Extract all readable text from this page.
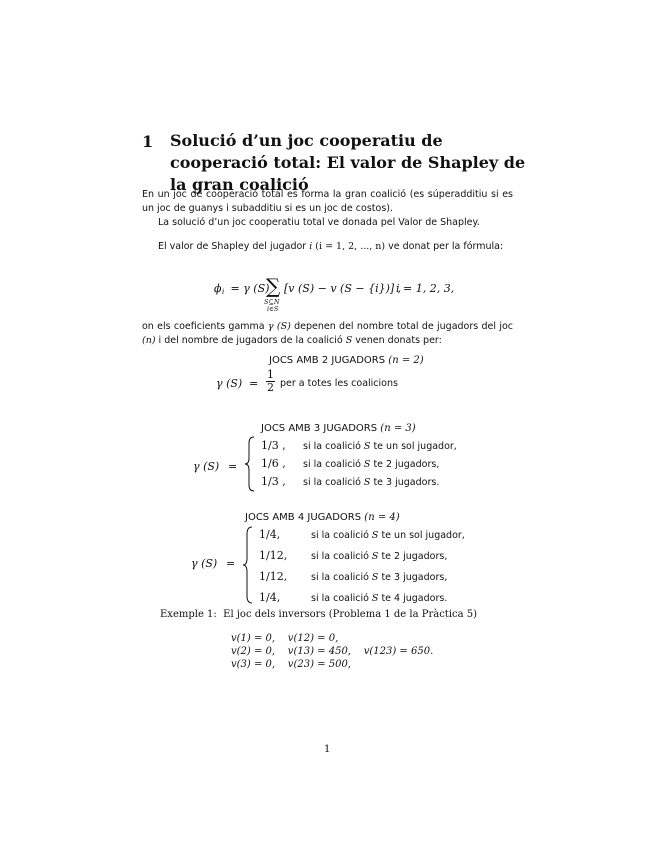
1 Solució d’un joc cooperatiu de cooperació total: El valor de Shapley de la gran coalició
En un joc de cooperació total es forma la gran coalició (es súperadditiu si es un joc de guanys i subadditiu si es un joc de costos).
La solució d’un joc cooperatiu total ve donada pel Valor de Shapley.
El valor de Shapley del jugador i (i = 1, 2, ..., n) ve donat per la fórmula:
ϕ i = γ (S)
∑
S⊆N
i∈S
[v (S) − v (S − {i})] ,
i = 1, 2, 3,
on els coeficients gamma γ (S) depenen del nombre total de jugadors del joc (n) i del nombre de jugadors de la coalició S venen donats per:
JOCS AMB 2 JUGADORS (n = 2)
γ $(S) = \frac{1}{2}$ per a totes les coalicions
JOCS AMB 3 JUGADORS (n = 3)
γ (S) =
1/3 , si la coalició S te un sol jugador,
1/6 , si la coalició S te 2 jugadors,
1/3 , si la coalició S te 3 jugadors.
JOCS AMB 4 JUGADORS (n = 4)
γ (S) =
1/4,	si la coalició S te un sol jugador,
1/12,	si la coalició S te 2 jugadors,
1/12,	si la coalició S te 3 jugadors,
1/4,	si la coalició S te 4 jugadors.
Exemple 1: El joc dels inversors (Problema 1 de la Pràctica 5)
v(1) = 0,    v(12) = 0,
v(2) = 0,    v(13) = 450,    v(123) = 650.
v(3) = 0,    v(23) = 500,
1
